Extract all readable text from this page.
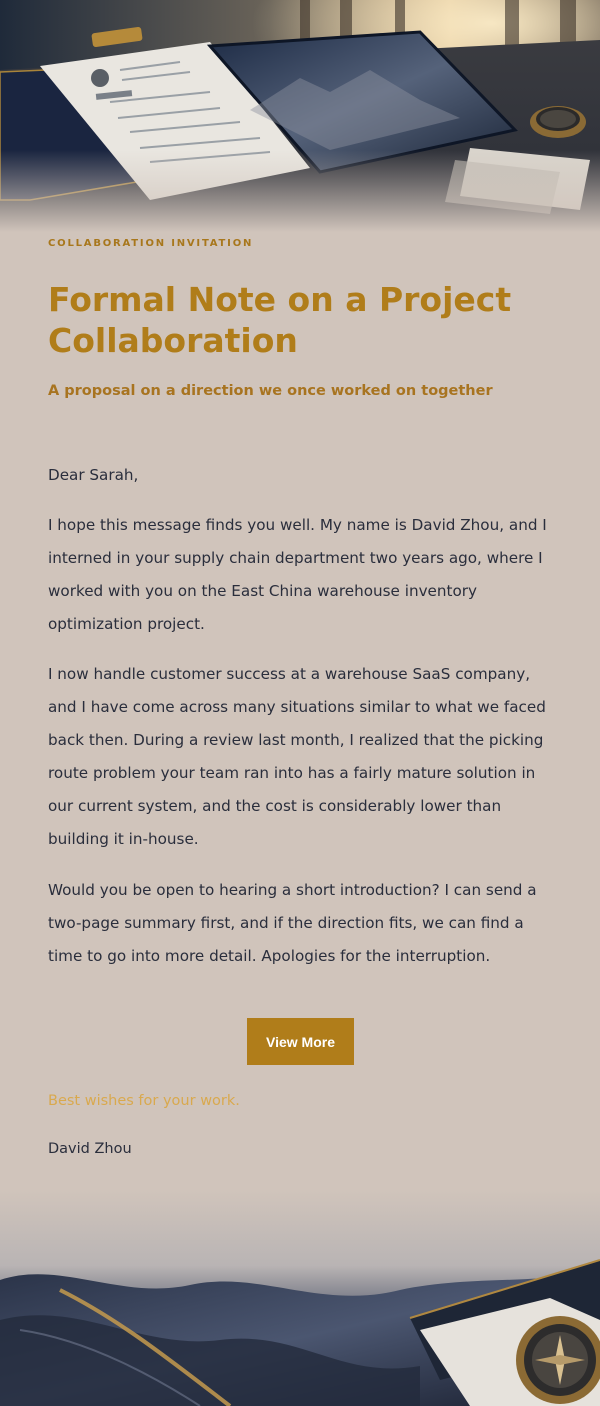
COLLABORATION INVITATION
Formal Note on a Project Collaboration
A proposal on a direction we once worked on together

Dear Sarah,

I hope this message finds you well. My name is David Zhou, and I interned in your supply chain department two years ago, where I worked with you on the East China warehouse inventory optimization project.

I now handle customer success at a warehouse SaaS company, and I have come across many situations similar to what we faced back then. During a review last month, I realized that the picking route problem your team ran into has a fairly mature solution in our current system, and the cost is considerably lower than building it in-house.

Would you be open to hearing a short introduction? I can send a two-page summary first, and if the direction fits, we can find a time to go into more detail. Apologies for the interruption.

View More
Best wishes for your work.
David Zhou
